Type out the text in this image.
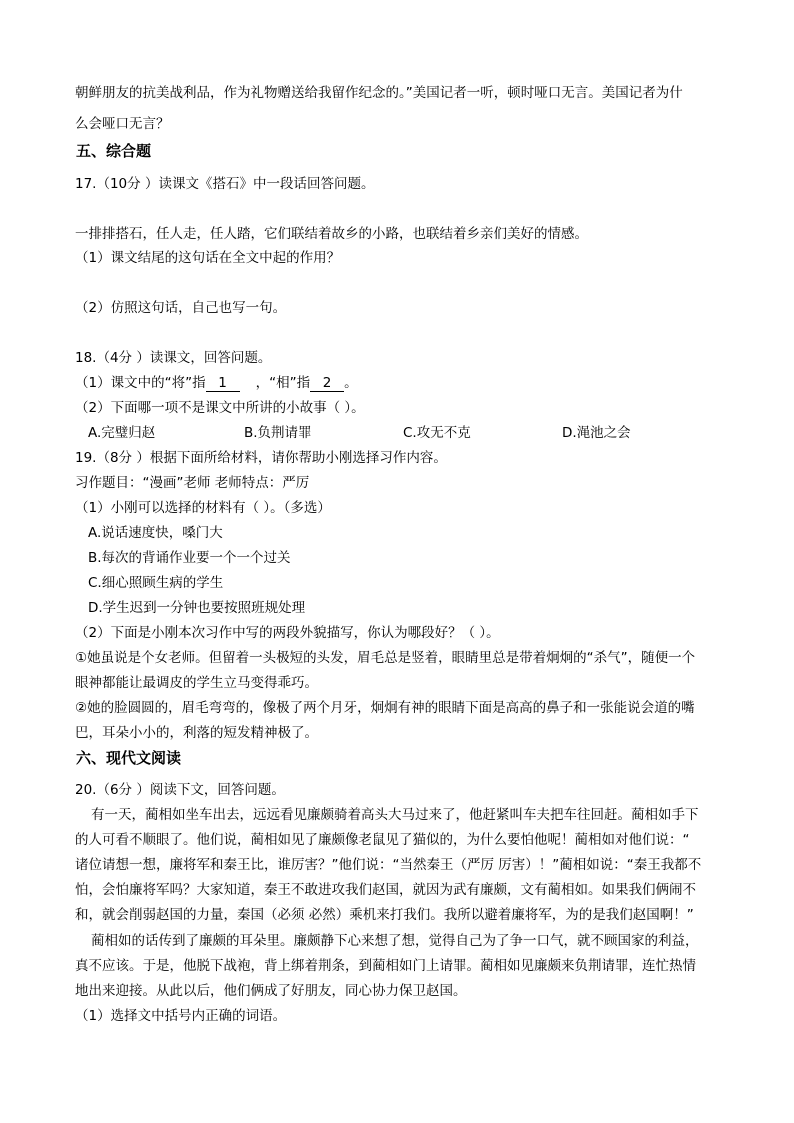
朝鲜朋友的抗美战利品，作为礼物赠送给我留作纪念的。”美国记者一听，顿时哑口无言。美国记者为什
么会哑口无言？
五、综合题
17.（10分 ）读课文《搭石》中一段话回答问题。
一排排搭石，任人走，任人踏，它们联结着故乡的小路，也联结着乡亲们美好的情感。
（1）课文结尾的这句话在全文中起的作用？
（2）仿照这句话，自己也写一句。
18.（4分 ）读课文，回答问题。
（1）课文中的“将”指 1 ，“相”指 2 。
（2）下面哪一项不是课文中所讲的小故事（ ）。
A.完璧归赵	B.负荆请罪	C.攻无不克	D.渑池之会
19.（8分 ）根据下面所给材料，请你帮助小刚选择习作内容。
习作题目：“漫画”老师 老师特点：严厉
（1）小刚可以选择的材料有（ ）。（多选）
A.说话速度快，嗓门大
B.每次的背诵作业要一个一个过关
C.细心照顾生病的学生
D.学生迟到一分钟也要按照班规处理
（2）下面是小刚本次习作中写的两段外貌描写，你认为哪段好？（ ）。
①她虽说是个女老师。但留着一头极短的头发，眉毛总是竖着，眼睛里总是带着炯炯的“杀气”，随便一个
眼神都能让最调皮的学生立马变得乖巧。
②她的脸圆圆的，眉毛弯弯的，像极了两个月牙，炯炯有神的眼睛下面是高高的鼻子和一张能说会道的嘴
巴，耳朵小小的，利落的短发精神极了。
六、现代文阅读
20.（6分 ）阅读下文，回答问题。
有一天，蔺相如坐车出去，远远看见廉颇骑着高头大马过来了，他赶紧叫车夫把车往回赶。蔺相如手下
的人可看不顺眼了。他们说，蔺相如见了廉颇像老鼠见了猫似的，为什么要怕他呢！蔺相如对他们说：“
诸位请想一想，廉将军和秦王比，谁厉害？”他们说：“当然秦王（严厉 厉害）！”蔺相如说：“秦王我都不
怕，会怕廉将军吗？大家知道，秦王不敢进攻我们赵国，就因为武有廉颇，文有蔺相如。如果我们俩闹不
和，就会削弱赵国的力量，秦国（必须 必然）乘机来打我们。我所以避着廉将军，为的是我们赵国啊！”
蔺相如的话传到了廉颇的耳朵里。廉颇静下心来想了想，觉得自己为了争一口气，就不顾国家的利益，
真不应该。于是，他脱下战袍，背上绑着荆条，到蔺相如门上请罪。蔺相如见廉颇来负荆请罪，连忙热情
地出来迎接。从此以后，他们俩成了好朋友，同心协力保卫赵国。
（1）选择文中括号内正确的词语。
